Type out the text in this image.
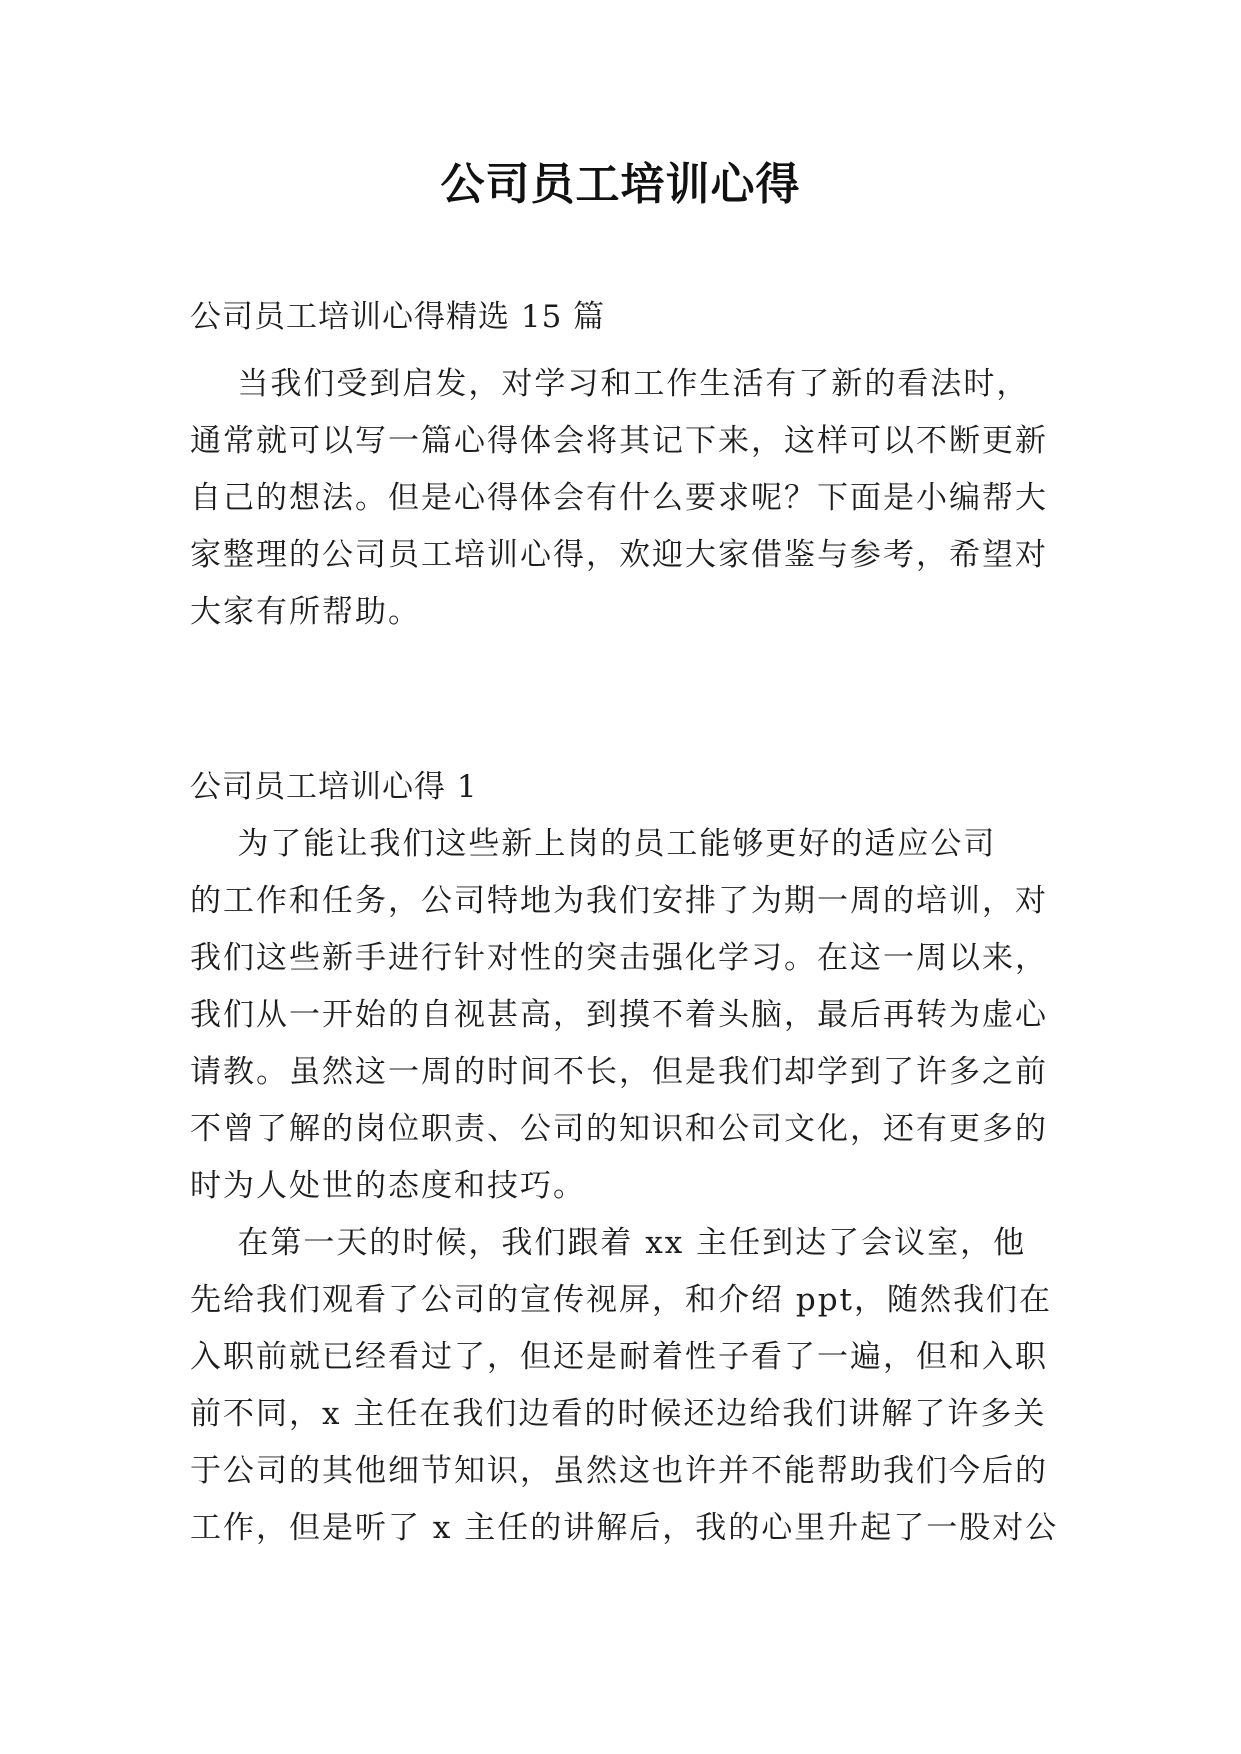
公司员工培训心得
公司员工培训心得精选 15 篇
当我们受到启发，对学习和工作生活有了新的看法时，
通常就可以写一篇心得体会将其记下来，这样可以不断更新
自己的想法。但是心得体会有什么要求呢？下面是小编帮大
家整理的公司员工培训心得，欢迎大家借鉴与参考，希望对
大家有所帮助。
公司员工培训心得 1
为了能让我们这些新上岗的员工能够更好的适应公司
的工作和任务，公司特地为我们安排了为期一周的培训，对
我们这些新手进行针对性的突击强化学习。在这一周以来，
我们从一开始的自视甚高，到摸不着头脑，最后再转为虚心
请教。虽然这一周的时间不长，但是我们却学到了许多之前
不曾了解的岗位职责、公司的知识和公司文化，还有更多的
时为人处世的态度和技巧。
在第一天的时候，我们跟着 xx 主任到达了会议室，他
先给我们观看了公司的宣传视屏，和介绍 ppt，随然我们在
入职前就已经看过了，但还是耐着性子看了一遍，但和入职
前不同，x 主任在我们边看的时候还边给我们讲解了许多关
于公司的其他细节知识，虽然这也许并不能帮助我们今后的
工作，但是听了 x 主任的讲解后，我的心里升起了一股对公
